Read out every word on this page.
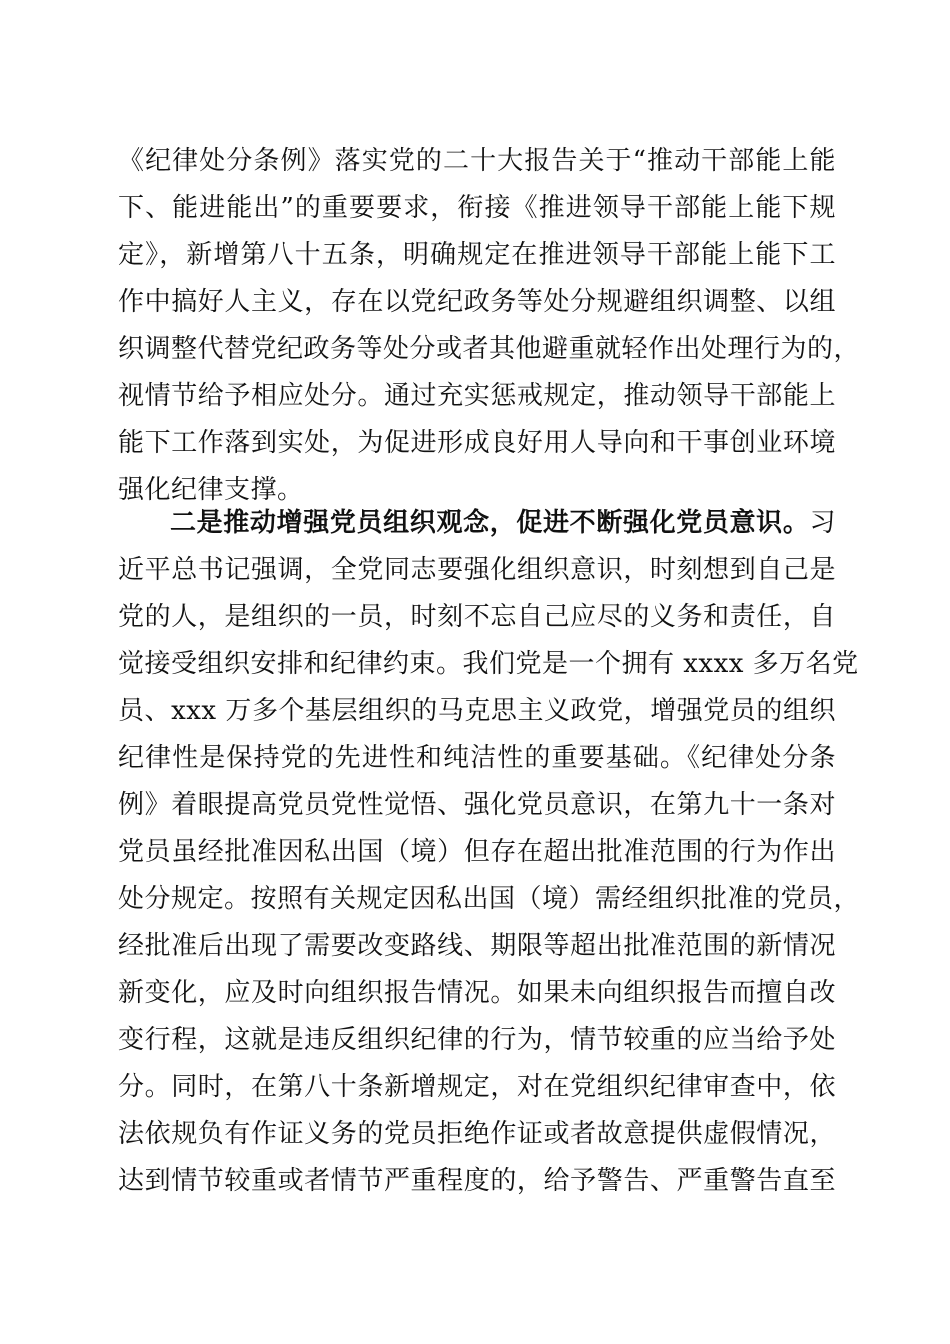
《纪律处分条例》落实党的二十大报告关于“推动干部能上能
下、能进能出”的重要要求，衔接《推进领导干部能上能下规
定》，新增第八十五条，明确规定在推进领导干部能上能下工
作中搞好人主义，存在以党纪政务等处分规避组织调整、以组
织调整代替党纪政务等处分或者其他避重就轻作出处理行为的，
视情节给予相应处分。通过充实惩戒规定，推动领导干部能上
能下工作落到实处，为促进形成良好用人导向和干事创业环境
强化纪律支撑。
二是推动增强党员组织观念，促进不断强化党员意识。习
近平总书记强调，全党同志要强化组织意识，时刻想到自己是
党的人，是组织的一员，时刻不忘自己应尽的义务和责任，自
觉接受组织安排和纪律约束。我们党是一个拥有 xxxx 多万名党
员、xxx 万多个基层组织的马克思主义政党，增强党员的组织
纪律性是保持党的先进性和纯洁性的重要基础。《纪律处分条
例》着眼提高党员党性觉悟、强化党员意识，在第九十一条对
党员虽经批准因私出国（境）但存在超出批准范围的行为作出
处分规定。按照有关规定因私出国（境）需经组织批准的党员，
经批准后出现了需要改变路线、期限等超出批准范围的新情况
新变化，应及时向组织报告情况。如果未向组织报告而擅自改
变行程，这就是违反组织纪律的行为，情节较重的应当给予处
分。同时，在第八十条新增规定，对在党组织纪律审查中，依
法依规负有作证义务的党员拒绝作证或者故意提供虚假情况，
达到情节较重或者情节严重程度的，给予警告、严重警告直至
